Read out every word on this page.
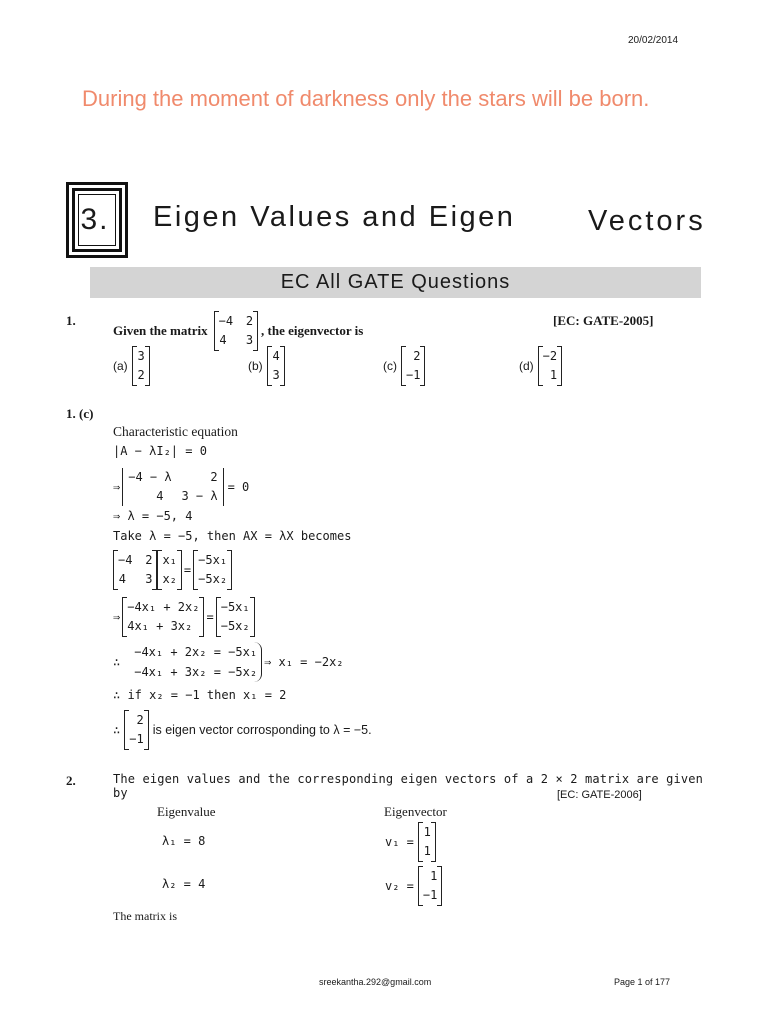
20/02/2014
During the moment of darkness only the stars will be born.
3. Eigen Values and Eigen	Vectors
EC All GATE Questions
1.
Given the matrix
−4 2
4 3
, the eigenvector is
[EC: GATE-2005]
(a)
3
2
(b)
4
3
(c)
2
−1
(d)
−2
1
1. (c)
Characteristic equation
|A − λI₂| = 0
⇒
−4 − λ	2
4 3 − λ
= 0
⇒ λ = −5, 4
Take λ = −5, then AX = λX becomes
−4 2
4 3
x₁
x₂
=
−5x₁
−5x₂
⇒
−4x₁ + 2x₂
4x₁ + 3x₂
=
−5x₁
−5x₂
∴
−4x₁ + 2x₂ = −5x₁
−4x₁ + 3x₂ = −5x₂
⇒ x₁ = −2x₂
∴ if x₂ = −1 then x₁ = 2
∴
2
−1
is eigen vector corrosponding to λ = −5.
2.	The eigen values and the corresponding eigen vectors of a 2 × 2 matrix are given by	[EC: GATE-2006]
Eigenvalue	Eigenvector
λ₁ = 8	v₁ =
1
1
λ₂ = 4	v₂ =
1
−1
The matrix is
sreekantha.292@gmail.com	Page 1 of 177
